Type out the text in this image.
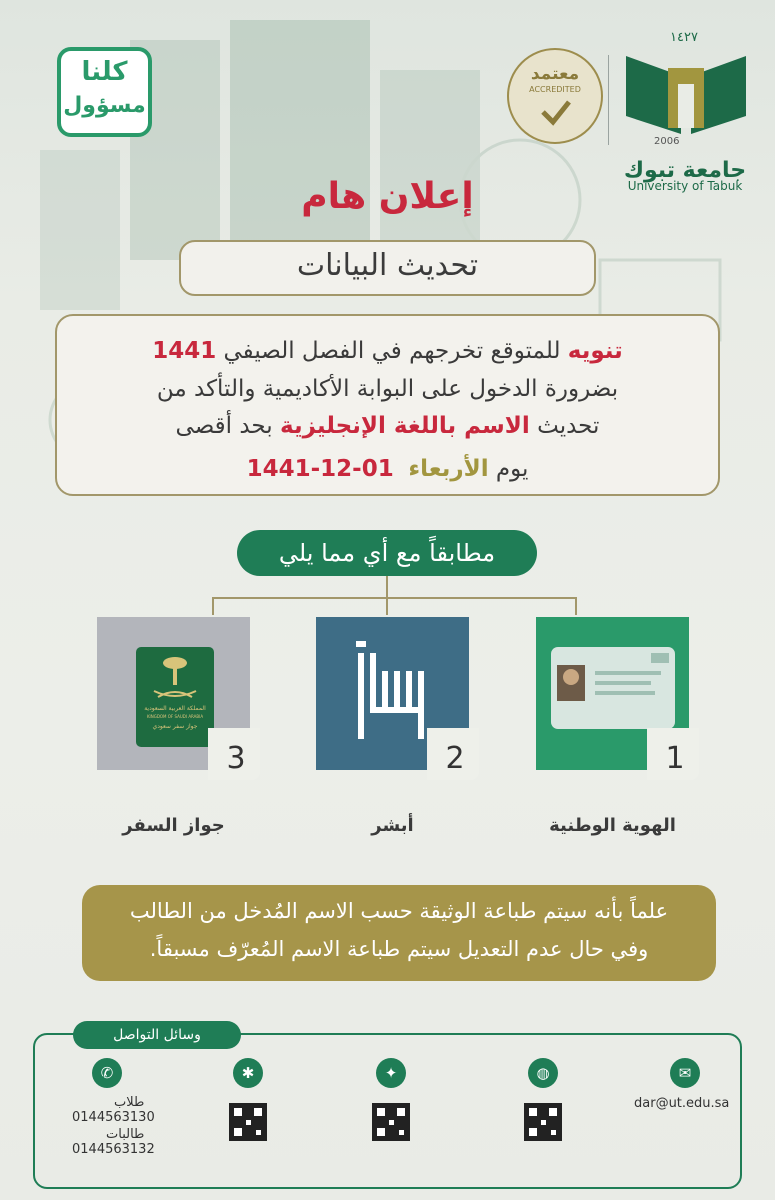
١٤٢٧
2006
جامعة تبوك
University of Tabuk
معتمد
ACCREDITED
كلنا
مسؤول
إعلان هام
تحديث البيانات
تنويه للمتوقع تخرجهم في الفصل الصيفي 1441
بضرورة الدخول على البوابة الأكاديمية والتأكد من
تحديث الاسم باللغة الإنجليزية بحد أقصى
يوم الأربعاء  01-12-1441
مطابقاً مع أي مما يلي
المملكة العربية السعودية
KINGDOM OF SAUDI ARABIA
جواز سفر سعودي
3	2	1
جواز السفر	أبشر	الهوية الوطنية
علماً بأنه سيتم طباعة الوثيقة حسب الاسم المُدخل من الطالب
وفي حال عدم التعديل سيتم طباعة الاسم المُعرّف مسبقاً.
وسائل التواصل
✉
dar@ut.edu.sa
◍
✦
✱
✆
طلاب
0144563130
طالبات
0144563132
